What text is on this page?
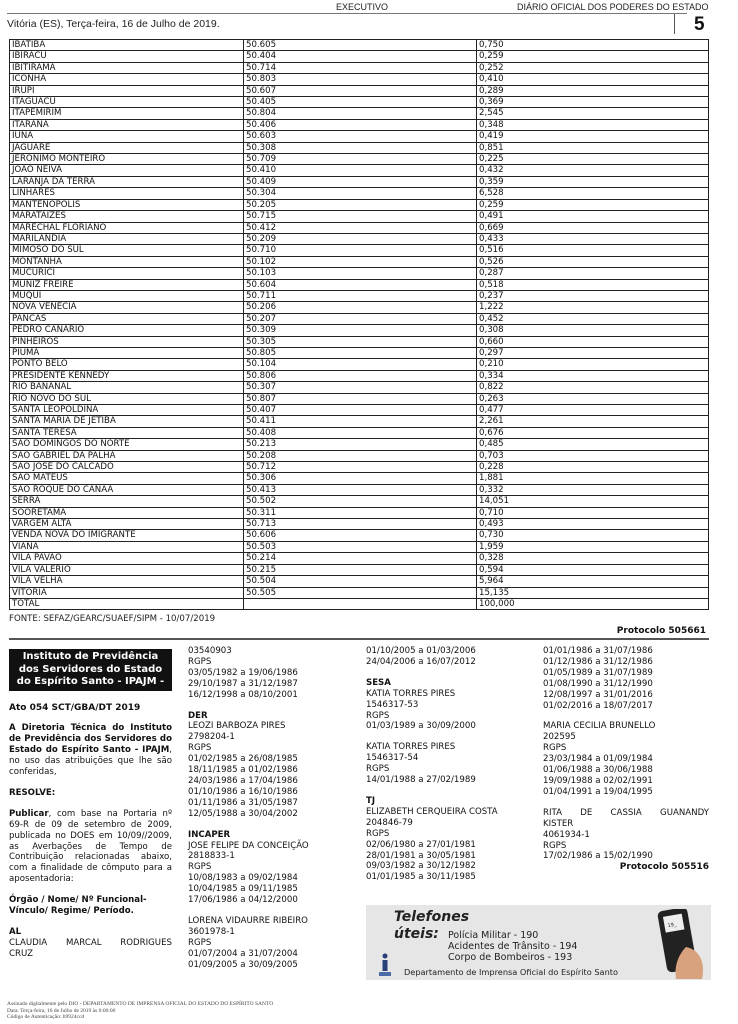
EXECUTIVO	DIÁRIO OFICIAL DOS PODERES DO ESTADO
Vitória (ES), Terça-feira, 16 de Julho de 2019.	5
IBATIBA	50.605	0,750
IBIRACU	50.404	0,259
IBITIRAMA	50.714	0,252
ICONHA	50.803	0,410
IRUPI	50.607	0,289
ITAGUACU	50.405	0,369
ITAPEMIRIM	50.804	2,545
ITARANA	50.406	0,348
IUNA	50.603	0,419
JAGUARE	50.308	0,851
JERONIMO MONTEIRO	50.709	0,225
JOAO NEIVA	50.410	0,432
LARANJA DA TERRA	50.409	0,359
LINHARES	50.304	6,528
MANTENOPOLIS	50.205	0,259
MARATAIZES	50.715	0,491
MARECHAL FLORIANO	50.412	0,669
MARILANDIA	50.209	0,433
MIMOSO DO SUL	50.710	0,516
MONTANHA	50.102	0,526
MUCURICI	50.103	0,287
MUNIZ FREIRE	50.604	0,518
MUQUI	50.711	0,237
NOVA VENECIA	50.206	1,222
PANCAS	50.207	0,452
PEDRO CANARIO	50.309	0,308
PINHEIROS	50.305	0,660
PIUMA	50.805	0,297
PONTO BELO	50.104	0,210
PRESIDENTE KENNEDY	50.806	0,334
RIO BANANAL	50.307	0,822
RIO NOVO DO SUL	50.807	0,263
SANTA LEOPOLDINA	50.407	0,477
SANTA MARIA DE JETIBA	50.411	2,261
SANTA TERESA	50.408	0,676
SAO DOMINGOS DO NORTE	50.213	0,485
SAO GABRIEL DA PALHA	50.208	0,703
SAO JOSE DO CALCADO	50.712	0,228
SAO MATEUS	50.306	1,881
SAO ROQUE DO CANAA	50.413	0,332
SERRA	50.502	14,051
SOORETAMA	50.311	0,710
VARGEM ALTA	50.713	0,493
VENDA NOVA DO IMIGRANTE	50.606	0,730
VIANA	50.503	1,959
VILA PAVAO	50.214	0,328
VILA VALERIO	50.215	0,594
VILA VELHA	50.504	5,964
VITORIA	50.505	15,135
TOTAL		100,000
FONTE: SEFAZ/GEARC/SUAEF/SIPM - 10/07/2019
Protocolo 505661
Instituto de Previdência dos Servidores do Estado do Espírito Santo - IPAJM -
Ato 054 SCT/GBA/DT 2019
A Diretoria Técnica do Instituto de Previdência dos Servidores do Estado do Espírito Santo - IPAJM, no uso das atribuições que lhe são conferidas,
RESOLVE:
Publicar, com base na Portaria nº 69-R de 09 de setembro de 2009, publicada no DOES em 10/09//2009, as Averbações de Tempo de Contribuição relacionadas abaixo, com a finalidade de cômputo para a aposentadoria:
Órgão / Nome/ Nº Funcional-Vínculo/ Regime/ Período.
AL
CLAUDIA MARCAL RODRIGUES CRUZ
03540903
RGPS
03/05/1982 a 19/06/1986
29/10/1987 a 31/12/1987
16/12/1998 a 08/10/2001
DER
LEOZI BARBOZA PIRES
2798204-1
RGPS
01/02/1985 a 26/08/1985
18/11/1985 a 01/02/1986
24/03/1986 a 17/04/1986
01/10/1986 a 16/10/1986
01/11/1986 a 31/05/1987
12/05/1988 a 30/04/2002
INCAPER
JOSE FELIPE DA CONCEIÇÃO
2818833-1
RGPS
10/08/1983 a 09/02/1984
10/04/1985 a 09/11/1985
17/06/1986 a 04/12/2000
LORENA VIDAURRE RIBEIRO
3601978-1
RGPS
01/07/2004 a 31/07/2004
01/09/2005 a 30/09/2005
01/10/2005 a 01/03/2006
24/04/2006 a 16/07/2012
SESA
KATIA TORRES PIRES
1546317-53
RGPS
01/03/1989 a 30/09/2000
KATIA TORRES PIRES
1546317-54
RGPS
14/01/1988 a 27/02/1989
TJ
ELIZABETH CERQUEIRA COSTA
204846-79
RGPS
02/06/1980 a 27/01/1981
28/01/1981 a 30/05/1981
09/03/1982 a 30/12/1982
01/01/1985 a 30/11/1985
01/01/1986 a 31/07/1986
01/12/1986 a 31/12/1986
01/05/1989 a 31/07/1989
01/08/1990 a 31/12/1990
12/08/1997 a 31/01/2016
01/02/2016 a 18/07/2017
MARIA CECILIA BRUNELLO
202595
RGPS
23/03/1984 a 01/09/1984
01/06/1988 a 30/06/1988
19/09/1988 a 02/02/1991
01/04/1991 a 19/04/1995
RITA DE CASSIA GUANANDY KISTER
4061934-1
RGPS
17/02/1986 a 15/02/1990
Protocolo 505516
Telefones
úteis: Polícia Militar - 190
Acidentes de Trânsito - 194
Corpo de Bombeiros - 193
Departamento de Imprensa Oficial do Espírito Santo
19_
Assinado digitalmente pelo DIO - DEPARTAMENTO DE IMPRENSA OFICIAL DO ESTADO DO ESPÍRITO SANTO
Data: Terça-feira, 16 de Julho de 2019 às 0:00:00
Código de Autenticação: b9924ccd
